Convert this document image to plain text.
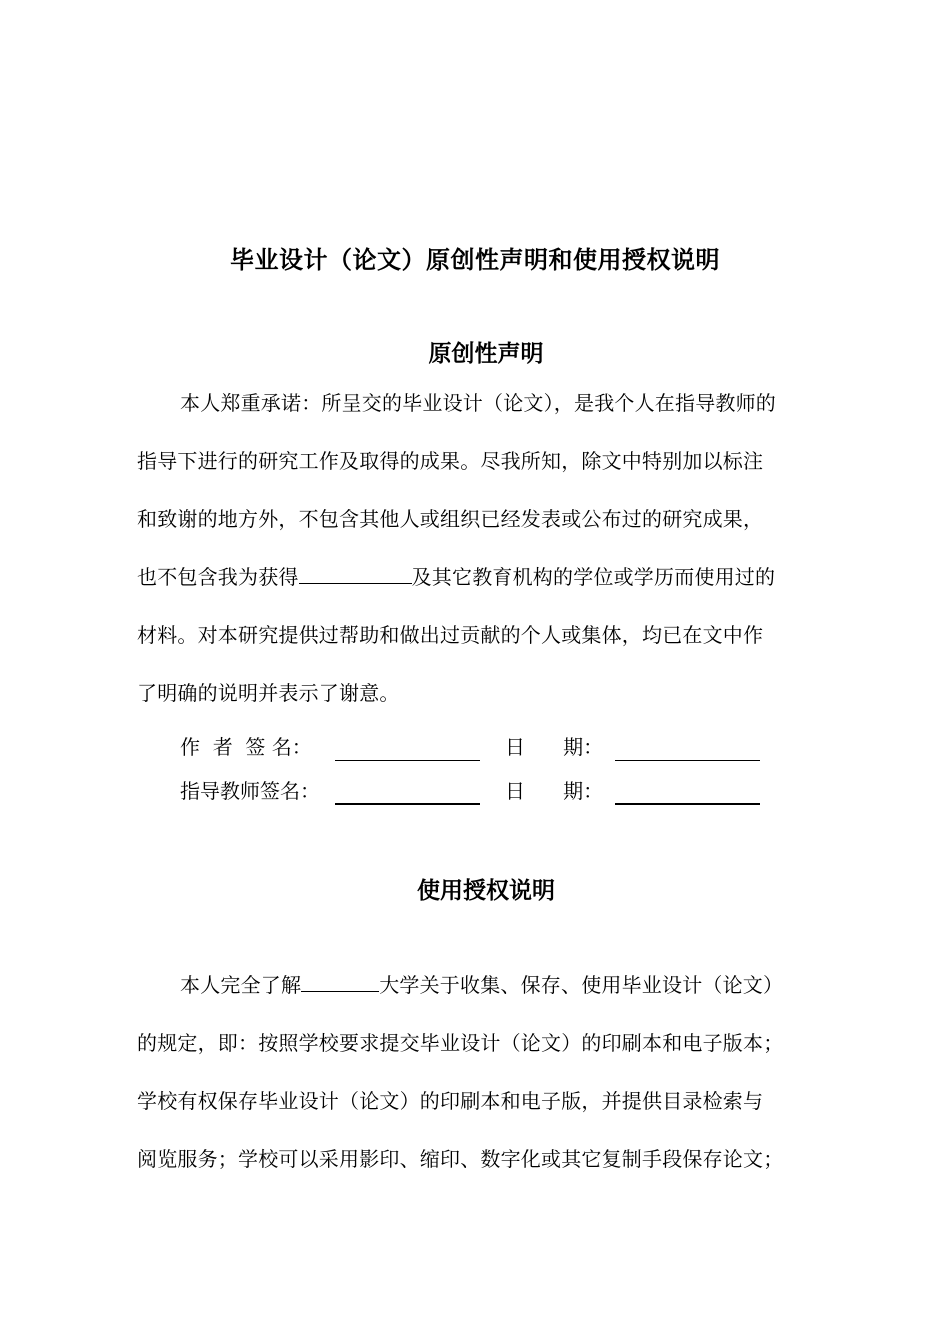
毕业设计（论文）原创性声明和使用授权说明
原创性声明
本人郑重承诺：所呈交的毕业设计（论文），是我个人在指导教师的
指导下进行的研究工作及取得的成果。尽我所知，除文中特别加以标注
和致谢的地方外，不包含其他人或组织已经发表或公布过的研究成果，
也不包含我为获得	及其它教育机构的学位或学历而使用过的
材料。对本研究提供过帮助和做出过贡献的个人或集体，均已在文中作
了明确的说明并表示了谢意。
作  者  签 名：	日      期：
指导教师签名：	日      期：
使用授权说明
本人完全了解	大学关于收集、保存、使用毕业设计（论文）
的规定，即：按照学校要求提交毕业设计（论文）的印刷本和电子版本；
学校有权保存毕业设计（论文）的印刷本和电子版，并提供目录检索与
阅览服务；学校可以采用影印、缩印、数字化或其它复制手段保存论文；
